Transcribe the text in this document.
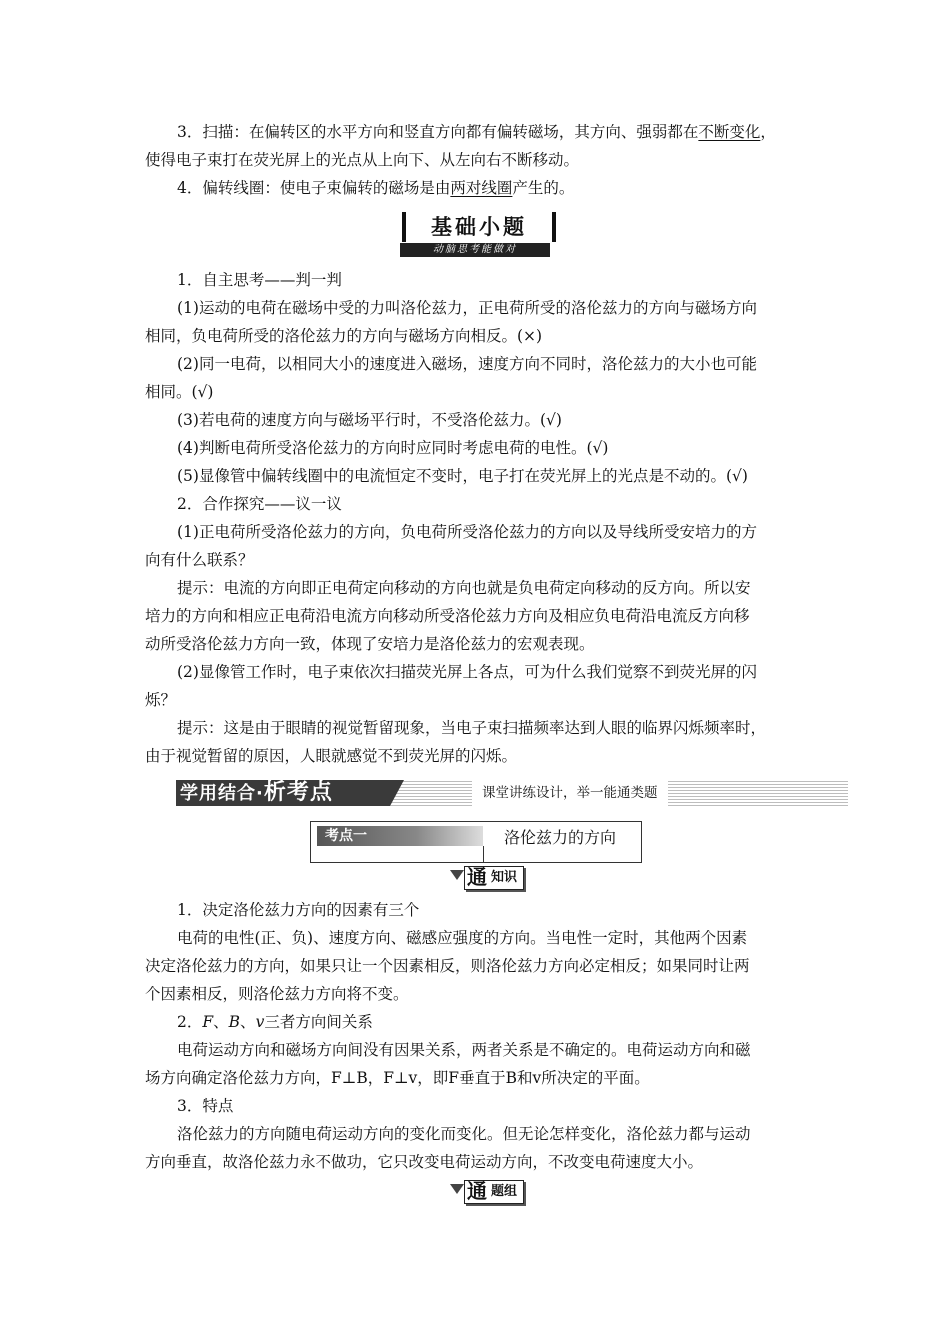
3．扫描：在偏转区的水平方向和竖直方向都有偏转磁场，其方向、强弱都在不断变化，
使得电子束打在荧光屏上的光点从上向下、从左向右不断移动。
4．偏转线圈：使电子束偏转的磁场是由两对线圈产生的。
基础小题
动脑思考能做对
1．自主思考——判一判
(1)运动的电荷在磁场中受的力叫洛伦兹力，正电荷所受的洛伦兹力的方向与磁场方向
相同，负电荷所受的洛伦兹力的方向与磁场方向相反。(×)
(2)同一电荷，以相同大小的速度进入磁场，速度方向不同时，洛伦兹力的大小也可能
相同。(√)
(3)若电荷的速度方向与磁场平行时，不受洛伦兹力。(√)
(4)判断电荷所受洛伦兹力的方向时应同时考虑电荷的电性。(√)
(5)显像管中偏转线圈中的电流恒定不变时，电子打在荧光屏上的光点是不动的。(√)
2．合作探究——议一议
(1)正电荷所受洛伦兹力的方向，负电荷所受洛伦兹力的方向以及导线所受安培力的方
向有什么联系？
提示：电流的方向即正电荷定向移动的方向也就是负电荷定向移动的反方向。所以安
培力的方向和相应正电荷沿电流方向移动所受洛伦兹力方向及相应负电荷沿电流反方向移
动所受洛伦兹力方向一致，体现了安培力是洛伦兹力的宏观表现。
(2)显像管工作时，电子束依次扫描荧光屏上各点，可为什么我们觉察不到荧光屏的闪
烁？
提示：这是由于眼睛的视觉暂留现象，当电子束扫描频率达到人眼的临界闪烁频率时，
由于视觉暂留的原因，人眼就感觉不到荧光屏的闪烁。
学用结合·析考点	课堂讲练设计，举一能通类题
考点一	洛伦兹力的方向
通 知识
1．决定洛伦兹力方向的因素有三个
电荷的电性(正、负)、速度方向、磁感应强度的方向。当电性一定时，其他两个因素
决定洛伦兹力的方向，如果只让一个因素相反，则洛伦兹力方向必定相反；如果同时让两
个因素相反，则洛伦兹力方向将不变。
2．F、B、v三者方向间关系
电荷运动方向和磁场方向间没有因果关系，两者关系是不确定的。电荷运动方向和磁
场方向确定洛伦兹力方向，F⊥B，F⊥v，即F垂直于B和v所决定的平面。
3．特点
洛伦兹力的方向随电荷运动方向的变化而变化。但无论怎样变化，洛伦兹力都与运动
方向垂直，故洛伦兹力永不做功，它只改变电荷运动方向，不改变电荷速度大小。
通 题组
